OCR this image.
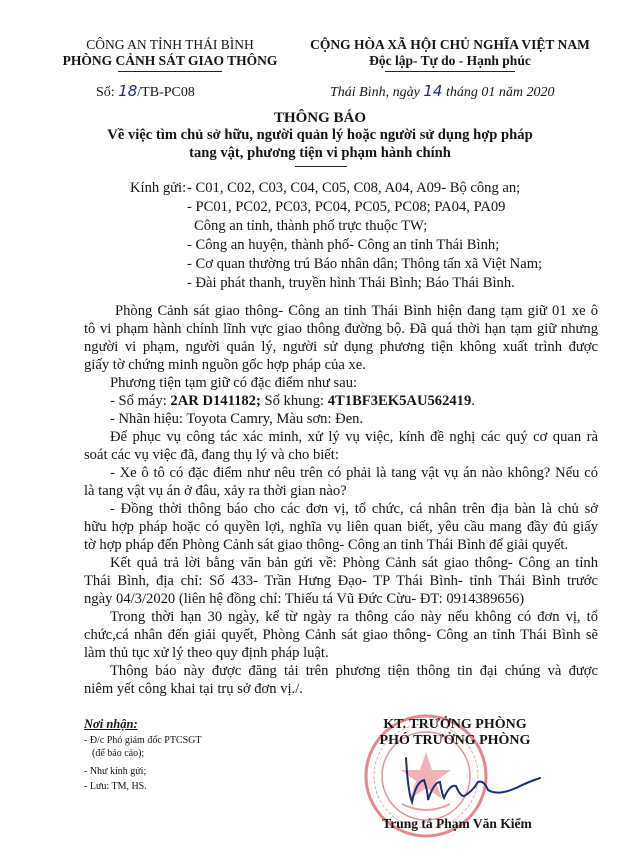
CÔNG AN TỈNH THÁI BÌNH
PHÒNG CẢNH SÁT GIAO THÔNG
CỘNG HÒA XÃ HỘI CHỦ NGHĨA VIỆT NAM
Độc lập- Tự do - Hạnh phúc
Số: 18/TB-PC08	Thái Bình, ngày 14 tháng 01 năm 2020
THÔNG BÁO
Về việc tìm chủ sở hữu, người quản lý hoặc người sử dụng hợp pháp
tang vật, phương tiện vi phạm hành chính
Kính gửi: - C01, C02, C03, C04, C05, C08, A04, A09- Bộ công an;
- PC01, PC02, PC03, PC04, PC05, PC08; PA04, PA09
Công an tỉnh, thành phố trực thuộc TW;
- Công an huyện, thành phố- Công an tỉnh Thái Bình;
- Cơ quan thường trú Báo nhân dân; Thông tấn xã Việt Nam;
- Đài phát thanh, truyền hình Thái Bình; Báo Thái Bình.
Phòng Cảnh sát giao thông- Công an tỉnh Thái Bình hiện đang tạm giữ 01 xe ô
tô vi phạm hành chính lĩnh vực giao thông đường bộ. Đã quá thời hạn tạm giữ nhưng
người vi phạm, người quản lý, người sử dụng phương tiện không xuất trình được
giấy tờ chứng minh nguồn gốc hợp pháp của xe.
Phương tiện tạm giữ có đặc điểm như sau:
- Số máy: 2AR D141182; Số khung: 4T1BF3EK5AU562419.
- Nhãn hiệu: Toyota Camry, Màu sơn: Đen.
Để phục vụ công tác xác minh, xử lý vụ việc, kính đề nghị các quý cơ quan rà
soát các vụ việc đã, đang thụ lý và cho biết:
- Xe ô tô có đặc điểm như nêu trên có phải là tang vật vụ án nào không? Nếu có
là tang vật vụ án ở đâu, xảy ra thời gian nào?
- Đồng thời thông báo cho các đơn vị, tổ chức, cá nhân trên địa bàn là chủ sở
hữu hợp pháp hoặc có quyền lợi, nghĩa vụ liên quan biết, yêu cầu mang đầy đủ giấy
tờ hợp pháp đến Phòng Cảnh sát giao thông- Công an tỉnh Thái Bình để giải quyết.
Kết quả trả lời bằng văn bản gửi về: Phòng Cảnh sát giao thông- Công an tỉnh
Thái Bình, địa chỉ: Số 433- Trần Hưng Đạo- TP Thái Bình- tỉnh Thái Bình trước
ngày 04/3/2020 (liên hệ đồng chí: Thiếu tá Vũ Đức Cừu- ĐT: 0914389656)
Trong thời hạn 30 ngày, kể từ ngày ra thông cáo này nếu không có đơn vị, tổ
chức,cá nhân đến giải quyết, Phòng Cảnh sát giao thông- Công an tỉnh Thái Bình sẽ
làm thủ tục xử lý theo quy định pháp luật.
Thông báo này được đăng tải trên phương tiện thông tin đại chúng và được
niêm yết công khai tại trụ sở đơn vị./.
Nơi nhận:
- Đ/c Phó giám đốc PTCSGT
(để báo cáo);
- Như kính gửi;
- Lưu: TM, HS.
KT. TRƯỞNG PHÒNG
PHÓ TRƯỞNG PHÒNG
Trung tá Phạm Văn Kiểm
